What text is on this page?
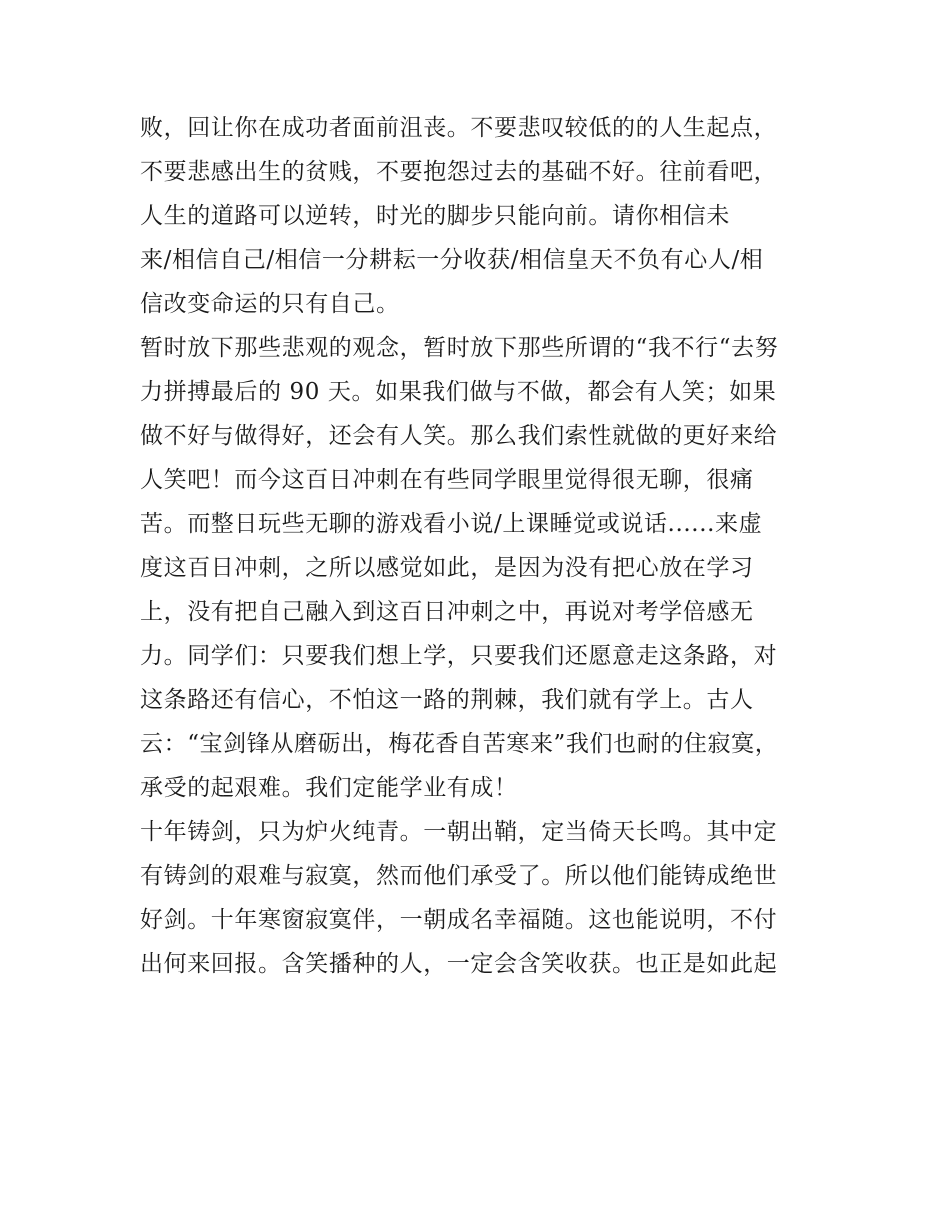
败，回让你在成功者面前沮丧。不要悲叹较低的的人生起点，
不要悲感出生的贫贱，不要抱怨过去的基础不好。往前看吧，
人生的道路可以逆转，时光的脚步只能向前。请你相信未
来/相信自己/相信一分耕耘一分收获/相信皇天不负有心人/相
信改变命运的只有自己。
暂时放下那些悲观的观念，暂时放下那些所谓的“我不行“去努
力拼搏最后的 90 天。如果我们做与不做，都会有人笑；如果
做不好与做得好，还会有人笑。那么我们索性就做的更好来给
人笑吧！而今这百日冲刺在有些同学眼里觉得很无聊，很痛
苦。而整日玩些无聊的游戏看小说/上课睡觉或说话......来虚
度这百日冲刺，之所以感觉如此，是因为没有把心放在学习
上，没有把自己融入到这百日冲刺之中，再说对考学倍感无
力。同学们：只要我们想上学，只要我们还愿意走这条路，对
这条路还有信心，不怕这一路的荆棘，我们就有学上。古人
云：“宝剑锋从磨砺出，梅花香自苦寒来”我们也耐的住寂寞，
承受的起艰难。我们定能学业有成！
十年铸剑，只为炉火纯青。一朝出鞘，定当倚天长鸣。其中定
有铸剑的艰难与寂寞，然而他们承受了。所以他们能铸成绝世
好剑。十年寒窗寂寞伴，一朝成名幸福随。这也能说明，不付
出何来回报。含笑播种的人，一定会含笑收获。也正是如此起
